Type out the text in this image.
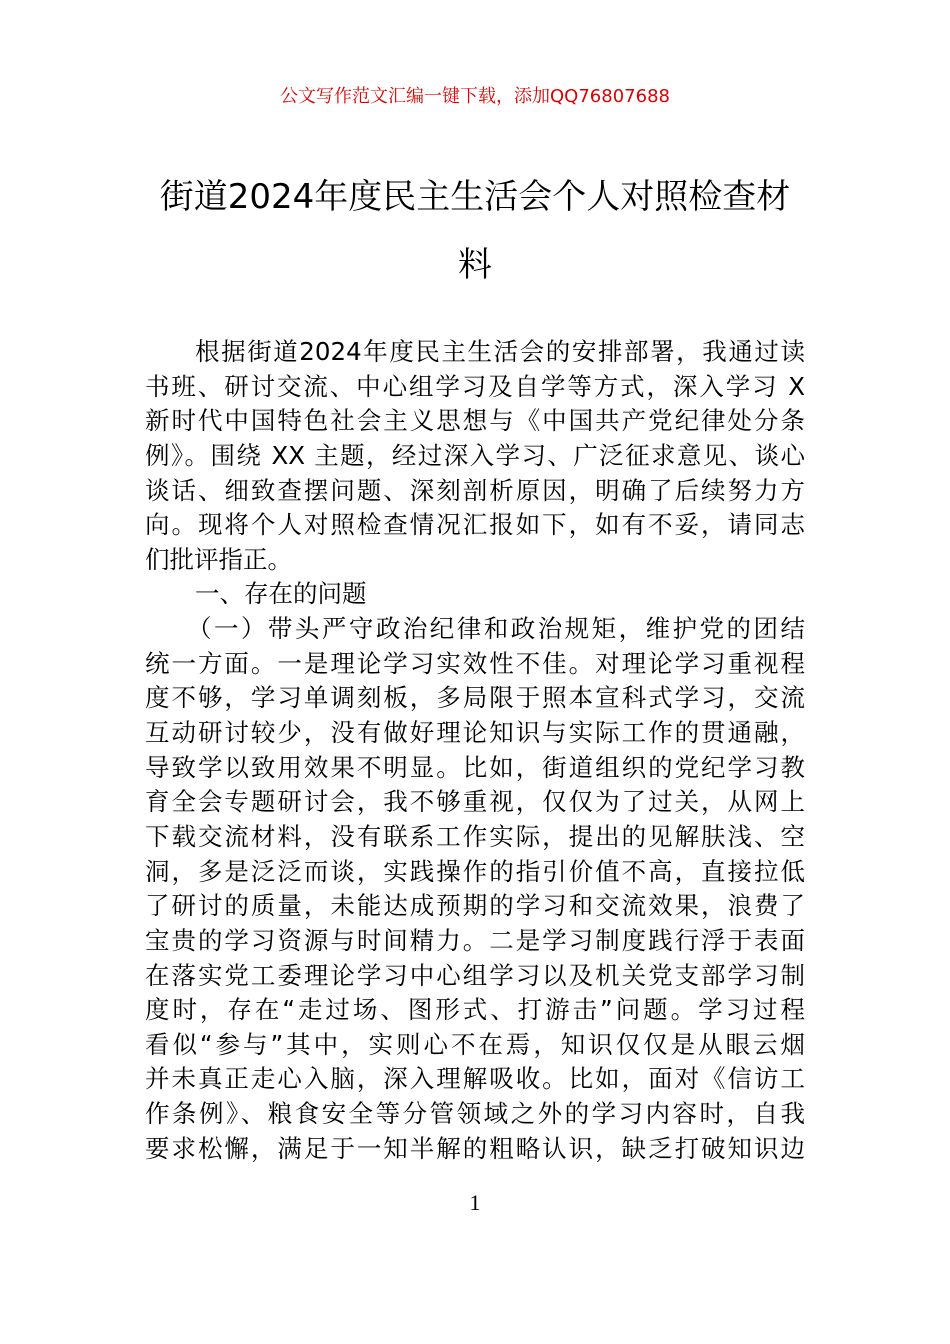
公文写作范文汇编一键下载，添加QQ76807688
街道2024年度民主生活会个人对照检查材
料
根据街道2024年度民主生活会的安排部署，我通过读
书班、研讨交流、中心组学习及自学等方式，深入学习 X
新时代中国特色社会主义思想与《中国共产党纪律处分条
例》。围绕 XX 主题，经过深入学习、广泛征求意见、谈心
谈话、细致查摆问题、深刻剖析原因，明确了后续努力方
向。现将个人对照检查情况汇报如下，如有不妥，请同志
们批评指正。
一、存在的问题
（一）带头严守政治纪律和政治规矩，维护党的团结
统一方面。一是理论学习实效性不佳。对理论学习重视程
度不够，学习单调刻板，多局限于照本宣科式学习，交流
互动研讨较少，没有做好理论知识与实际工作的贯通融，
导致学以致用效果不明显。比如，街道组织的党纪学习教
育全会专题研讨会，我不够重视，仅仅为了过关，从网上
下载交流材料，没有联系工作实际，提出的见解肤浅、空
洞，多是泛泛而谈，实践操作的指引价值不高，直接拉低
了研讨的质量，未能达成预期的学习和交流效果，浪费了
宝贵的学习资源与时间精力。二是学习制度践行浮于表面
在落实党工委理论学习中心组学习以及机关党支部学习制
度时，存在“走过场、图形式、打游击”问题。学习过程
看似“参与”其中，实则心不在焉，知识仅仅是从眼云烟
并未真正走心入脑，深入理解吸收。比如，面对《信访工
作条例》、粮食安全等分管领域之外的学习内容时，自我
要求松懈，满足于一知半解的粗略认识，缺乏打破知识边
1
